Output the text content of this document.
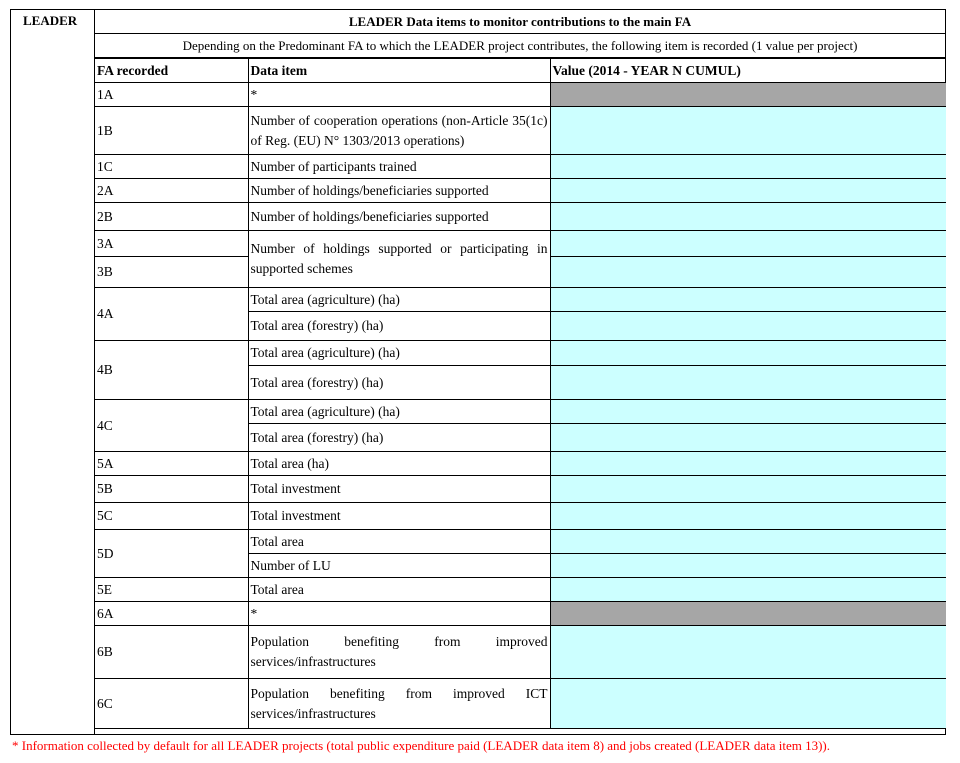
LEADER	LEADER Data items to monitor contributions to the main FA
Depending on the Predominant FA to which the LEADER project contributes, the following item is recorded (1 value per project)
FA recorded	Data item	Value (2014 - YEAR N CUMUL)
1A	*	
1B	Number of cooperation operations (non-Article 35(1c) of Reg. (EU) N° 1303/2013 operations)	
1C	Number of participants trained	
2A	Number of holdings/beneficiaries supported	
2B	Number of holdings/beneficiaries supported	
3A	Number of holdings supported or participating in supported schemes	
3B		
4A	Total area (agriculture) (ha)	
	Total area (forestry) (ha)	
4B	Total area (agriculture) (ha)	
	Total area (forestry) (ha)	
4C	Total area (agriculture) (ha)	
	Total area (forestry) (ha)	
5A	Total area (ha)	
5B	Total investment	
5C	Total investment	
5D	Total area	
	Number of LU	
5E	Total area	
6A	*	
6B	Population benefiting from improved services/infrastructures	
6C	Population benefiting from improved ICT services/infrastructures	
* Information collected by default for all LEADER projects (total public expenditure paid (LEADER data item 8) and jobs created (LEADER data item 13)).
